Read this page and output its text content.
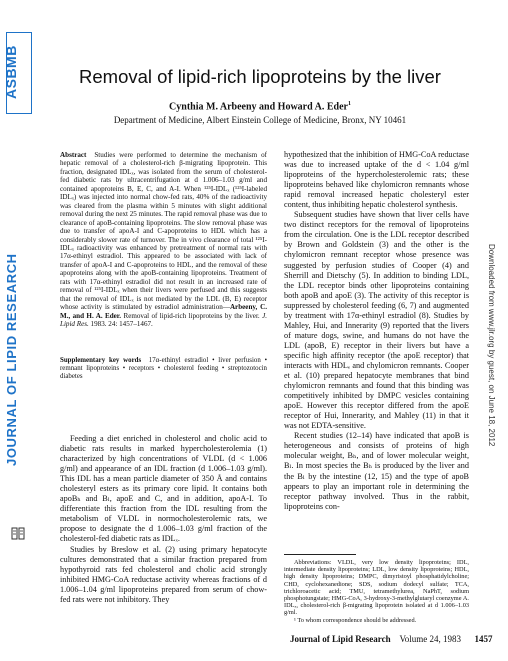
ASBMB
JOURNAL OF LIPID RESEARCH	Downloaded from www.jlr.org by guest, on June 18, 2012
Removal of lipid-rich lipoproteins by the liver
Cynthia M. Arbeeny and Howard A. Eder$^1$
Department of Medicine, Albert Einstein College of Medicine, Bronx, NY 10461
Abstract Studies were performed to determine the mechanism of hepatic removal of a cholesterol-rich β-migrating lipoprotein. This fraction, designated IDLₓ, was isolated from the serum of cholesterol-fed diabetic rats by ultracentrifugation at d 1.006–1.03 g/ml and contained apoproteins B, E, C, and A-I. When ¹²⁵I-IDLₓ (¹²⁵I-labeled IDLₓ) was injected into normal chow-fed rats, 40% of the radioactivity was cleared from the plasma within 5 minutes with slight additional removal during the next 25 minutes. The rapid removal phase was due to clearance of apoB-containing lipoproteins. The slow removal phase was due to transfer of apoA-I and C-apoproteins to HDL which has a considerably slower rate of turnover. The in vivo clearance of total ¹²⁵I-IDLₓ radioactivity was enhanced by pretreatment of normal rats with 17α-ethinyl estradiol. This appeared to be associated with lack of transfer of apoA-I and C-apoproteins to HDL, and the removal of these apoproteins along with the apoB-containing lipoproteins. Treatment of rats with 17α-ethinyl estradiol did not result in an increased rate of removal of ¹²⁵I-IDLₓ when their livers were perfused and this suggests that the removal of IDLₓ is not mediated by the LDL (B, E) receptor whose activity is stimulated by estradiol administration—Arbeeny, C. M., and H. A. Eder. Removal of lipid-rich lipoproteins by the liver. J. Lipid Res. 1983. 24: 1457–1467.
Supplementary key words 17α-ethinyl estradiol • liver perfusion • remnant lipoproteins • receptors • cholesterol feeding • streptozotocin diabetes

Feeding a diet enriched in cholesterol and cholic acid to diabetic rats results in marked hypercholesterolemia (1) characterized by high concentrations of VLDL (d < 1.006 g/ml) and appearance of an IDL fraction (d 1.006–1.03 g/ml). This IDL has a mean particle diameter of 350 Å and contains cholesteryl esters as its primary core lipid. It contains both apoBₕ and Bₗ, apoE and C, and in addition, apoA-I. To differentiate this fraction from the IDL resulting from the metabolism of VLDL in normocholesterolemic rats, we propose to designate the d 1.006–1.03 g/ml fraction of the cholesterol-fed diabetic rats as IDLₓ.

Studies by Breslow et al. (2) using primary hepatocyte cultures demonstrated that a similar fraction prepared from hypothyroid rats fed cholesterol and cholic acid strongly inhibited HMG-CoA reductase activity whereas fractions of d 1.006–1.04 g/ml lipoproteins prepared from serum of chow-fed rats were not inhibitory. They

hypothesized that the inhibition of HMG-CoA reductase was due to increased uptake of the d < 1.04 g/ml lipoproteins of the hypercholesterolemic rats; these lipoproteins behaved like chylomicron remnants whose rapid removal increased hepatic cholesteryl ester content, thus inhibiting hepatic cholesterol synthesis.

Subsequent studies have shown that liver cells have two distinct receptors for the removal of lipoproteins from the circulation. One is the LDL receptor described by Brown and Goldstein (3) and the other is the chylomicron remnant receptor whose presence was suggested by perfusion studies of Cooper (4) and Sherrill and Dietschy (5). In addition to binding LDL, the LDL receptor binds other lipoproteins containing both apoB and apoE (3). The activity of this receptor is suppressed by cholesterol feeding (6, 7) and augmented by treatment with 17α-ethinyl estradiol (8). Studies by Mahley, Hui, and Innerarity (9) reported that the livers of mature dogs, swine, and humans do not have the LDL (apoB, E) receptor in their livers but have a specific high affinity receptor (the apoE receptor) that interacts with HDLₑ and chylomicron remnants. Cooper et al. (10) prepared hepatocyte membranes that bind chylomicron remnants and found that this binding was competitively inhibited by DMPC vesicles containing apoE. However this receptor differed from the apoE receptor of Hui, Innerarity, and Mahley (11) in that it was not EDTA-sensitive.

Recent studies (12–14) have indicated that apoB is heterogeneous and consists of proteins of high molecular weight, Bₕ, and of lower molecular weight, Bₗ. In most species the Bₕ is produced by the liver and the Bₗ by the intestine (12, 15) and the type of apoB appears to play an important role in determining the receptor pathway involved. Thus in the rabbit, lipoproteins con-

Abbreviations: VLDL, very low density lipoproteins; IDL, intermediate density lipoproteins; LDL, low density lipoproteins; HDL, high density lipoproteins; DMPC, dimyristoyl phosphatidylcholine; CHD, cyclohexanedione; SDS, sodium dodecyl sulfate; TCA, trichloroacetic acid; TMU, tetramethylurea, NaPhT, sodium phosphotungstate; HMG-CoA, 3-hydroxy-3-methylglutaryl coenzyme A. IDLₓ, cholesterol-rich β-migrating lipoprotein isolated at d 1.006–1.03 g/ml.

¹ To whom correspondence should be addressed.

Journal of Lipid Research Volume 24, 1983 1457
